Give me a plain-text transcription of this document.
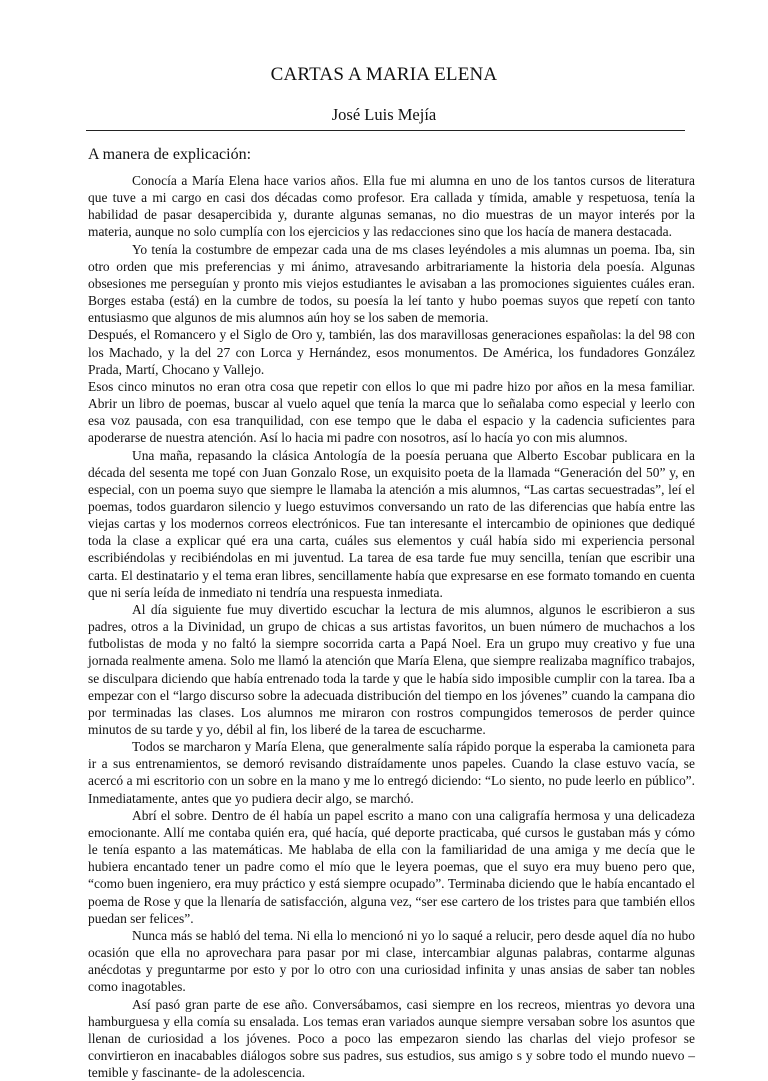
CARTAS A MARIA ELENA
José Luis Mejía
A manera de explicación:

Conocía a María Elena hace varios años. Ella fue mi alumna en uno de los tantos cursos de literatura que tuve a mi cargo en casi dos décadas como profesor. Era callada y tímida, amable y respetuosa, tenía la habilidad de pasar desapercibida y, durante algunas semanas, no dio muestras de un mayor interés por la materia, aunque no solo cumplía con los ejercicios y las redacciones sino que los hacía de manera destacada.

Yo tenía la costumbre de empezar cada una de ms clases leyéndoles a mis alumnas un poema. Iba, sin otro orden que mis preferencias y mi ánimo, atravesando arbitrariamente la historia dela poesía. Algunas obsesiones me perseguían y pronto mis viejos estudiantes le avisaban a las promociones siguientes cuáles eran. Borges estaba (está) en la cumbre de todos, su poesía la leí tanto y hubo poemas suyos que repetí con tanto entusiasmo que algunos de mis alumnos aún hoy se los saben de memoria.

Después, el Romancero y el Siglo de Oro y, también, las dos maravillosas generaciones españolas: la del 98 con los Machado, y la del 27 con Lorca y Hernández, esos monumentos. De América, los fundadores González Prada, Martí, Chocano y Vallejo.

Esos cinco minutos no eran otra cosa que repetir con ellos lo que mi padre hizo por años en la mesa familiar. Abrir un libro de poemas, buscar al vuelo aquel que tenía la marca que lo señalaba como especial y leerlo con esa voz pausada, con esa tranquilidad, con ese tempo que le daba el espacio y la cadencia suficientes para apoderarse de nuestra atención. Así lo hacia mi padre con nosotros, así lo hacía yo con mis alumnos.

Una maña, repasando la clásica Antología de la poesía peruana que Alberto Escobar publicara en la década del sesenta me topé con Juan Gonzalo Rose, un exquisito poeta de la llamada “Generación del 50” y, en especial, con un poema suyo que siempre le llamaba la atención a mis alumnos, “Las cartas secuestradas”, leí el poemas, todos guardaron silencio y luego estuvimos conversando un rato de las diferencias que había entre las viejas cartas y los modernos correos electrónicos. Fue tan interesante el intercambio de opiniones que dediqué toda la clase a explicar qué era una carta, cuáles sus elementos y cuál había sido mi experiencia personal escribiéndolas y recibiéndolas en mi juventud. La tarea de esa tarde fue muy sencilla, tenían que escribir una carta. El destinatario y el tema eran libres, sencillamente había que expresarse en ese formato tomando en cuenta que ni sería leída de inmediato ni tendría una respuesta inmediata.

Al día siguiente fue muy divertido escuchar la lectura de mis alumnos, algunos le escribieron a sus padres, otros a la Divinidad, un grupo de chicas a sus artistas favoritos, un buen número de muchachos a los futbolistas de moda y no faltó la siempre socorrida carta a Papá Noel. Era un grupo muy creativo y fue una jornada realmente amena. Solo me llamó la atención que María Elena, que siempre realizaba magnífico trabajos, se disculpara diciendo que había entrenado toda la tarde y que le había sido imposible cumplir con la tarea. Iba a empezar con el “largo discurso sobre la adecuada distribución del tiempo en los jóvenes” cuando la campana dio por terminadas las clases. Los alumnos me miraron con rostros compungidos temerosos de perder quince minutos de su tarde y yo, débil al fin, los liberé de la tarea de escucharme.

Todos se marcharon y María Elena, que generalmente salía rápido porque la esperaba la camioneta para ir a sus entrenamientos, se demoró revisando distraídamente unos papeles. Cuando la clase estuvo vacía, se acercó a mi escritorio con un sobre en la mano y me lo entregó diciendo: “Lo siento, no pude leerlo en público”. Inmediatamente, antes que yo pudiera decir algo, se marchó.

Abrí el sobre. Dentro de él había un papel escrito a mano con una caligrafía hermosa y una delicadeza emocionante. Allí me contaba quién era, qué hacía, qué deporte practicaba, qué cursos le gustaban más y cómo le tenía espanto a las matemáticas. Me hablaba de ella con la familiaridad de una amiga y me decía que le hubiera encantado tener un padre como el mío que le leyera poemas, que el suyo era muy bueno pero que, “como buen ingeniero, era muy práctico y está siempre ocupado”. Terminaba diciendo que le había encantado el poema de Rose y que la llenaría de satisfacción, alguna vez, “ser ese cartero de los tristes para que también ellos puedan ser felices”.

Nunca más se habló del tema. Ni ella lo mencionó ni yo lo saqué a relucir, pero desde aquel día no hubo ocasión que ella no aprovechara para pasar por mi clase, intercambiar algunas palabras, contarme algunas anécdotas y preguntarme por esto y por lo otro con una curiosidad infinita y unas ansias de saber tan nobles como inagotables.

Así pasó gran parte de ese año. Conversábamos, casi siempre en los recreos, mientras yo devora una hamburguesa y ella comía su ensalada. Los temas eran variados aunque siempre versaban sobre los asuntos que llenan de curiosidad a los jóvenes. Poco a poco las empezaron siendo las charlas del viejo profesor se convirtieron en inacabables diálogos sobre sus padres, sus estudios, sus amigo s y sobre todo el mundo nuevo –temible y fascinante- de la adolescencia.
